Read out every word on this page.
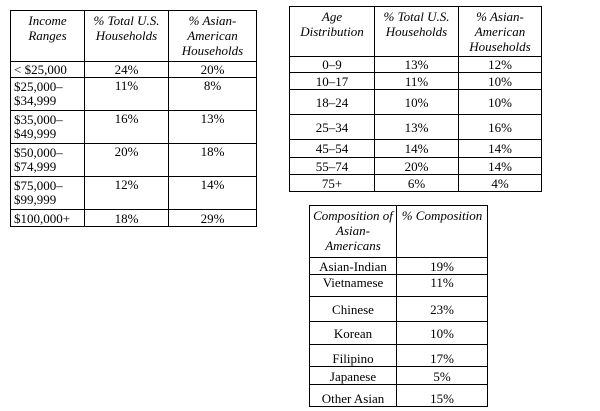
Income Ranges	% Total U.S. Households	% Asian-American Households
< $25,000	24%	20%
$25,000–
$34,999	11%	8%
$35,000–
$49,999	16%	13%
$50,000–
$74,999	20%	18%
$75,000–
$99,999	12%	14%
$100,000+	18%	29%
Age Distribution	% Total U.S. Households	% Asian-American Households
0–9	13%	12%
10–17	11%	10%
18–24	10%	10%
25–34	13%	16%
45–54	14%	14%
55–74	20%	14%
75+	6%	4%
Composition of Asian-Americans	% Composition
Asian-Indian	19%
Vietnamese	11%
Chinese	23%
Korean	10%
Filipino	17%
Japanese	5%
Other Asian	15%
